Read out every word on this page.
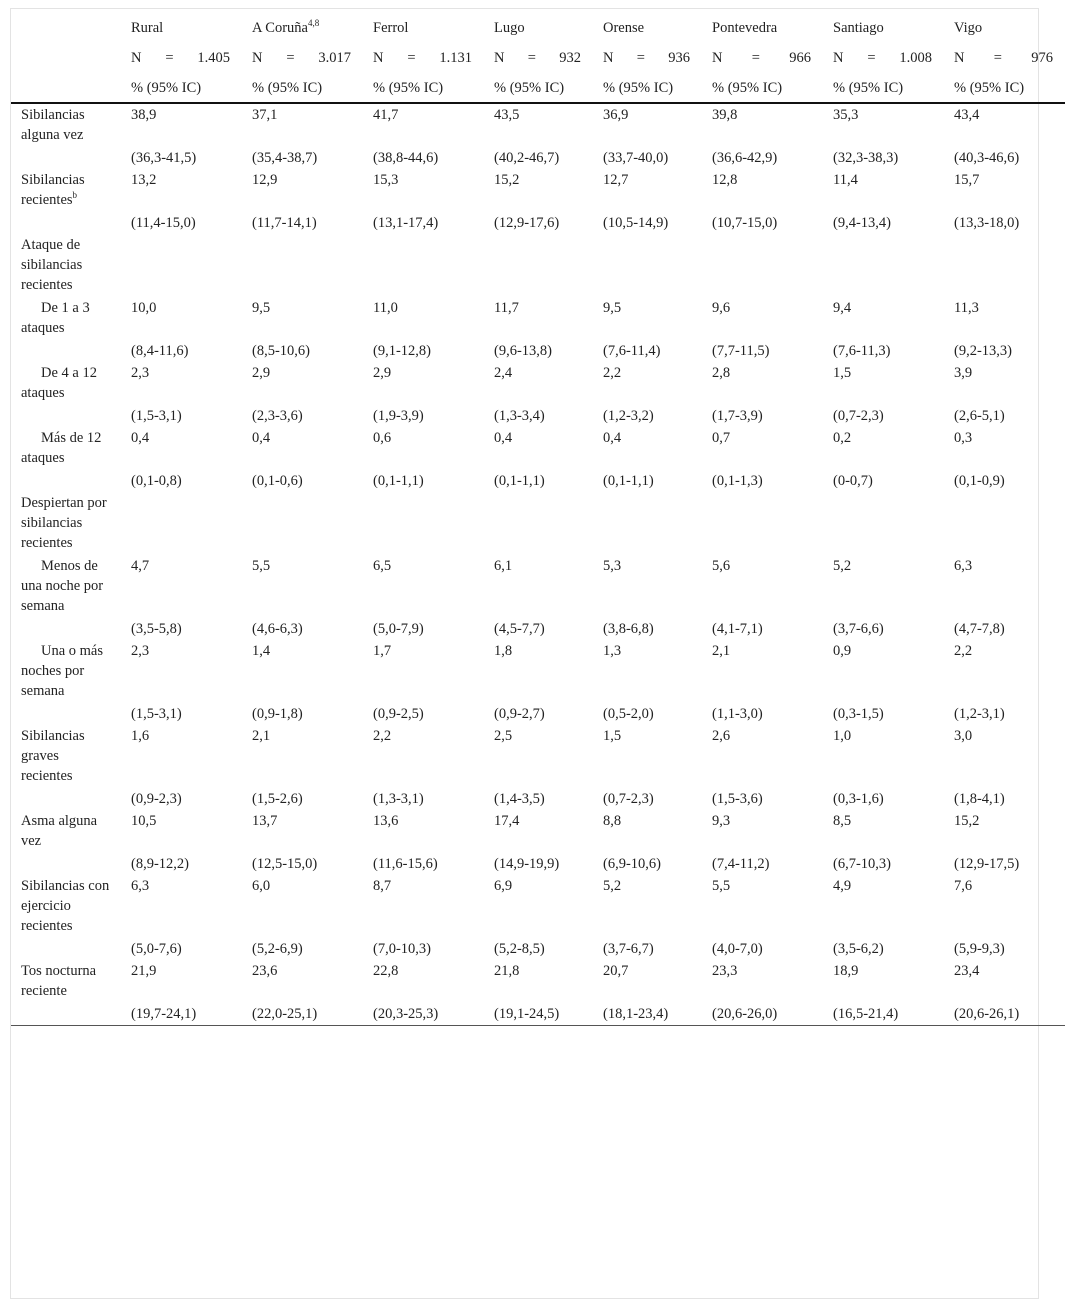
	Rural	A Coruña$^{4,8}$	Ferrol	Lugo	Orense	Pontevedra	Santiago	Vigo

	N = 1.405	N = 3.017	N = 1.131	N = 932	N = 936	N = 966	N = 1.008	N = 976

	% (95% IC)	% (95% IC)	% (95% IC)	% (95% IC)	% (95% IC)	% (95% IC)	% (95% IC)	% (95% IC)
Sibilancias alguna vez	38,9	37,1	41,7	43,5	36,9	39,8	35,3	43,4
	(36,3-41,5)	(35,4-38,7)	(38,8-44,6)	(40,2-46,7)	(33,7-40,0)	(36,6-42,9)	(32,3-38,3)	(40,3-46,6)
Sibilancias recientes$^b$	13,2	12,9	15,3	15,2	12,7	12,8	11,4	15,7
	(11,4-15,0)	(11,7-14,1)	(13,1-17,4)	(12,9-17,6)	(10,5-14,9)	(10,7-15,0)	(9,4-13,4)	(13,3-18,0)
Ataque de sibilancias recientes								

De 1 a 3 ataques	10,0	9,5	11,0	11,7	9,5	9,6	9,4	11,3
	(8,4-11,6)	(8,5-10,6)	(9,1-12,8)	(9,6-13,8)	(7,6-11,4)	(7,7-11,5)	(7,6-11,3)	(9,2-13,3)

De 4 a 12 ataques	2,3	2,9	2,9	2,4	2,2	2,8	1,5	3,9
	(1,5-3,1)	(2,3-3,6)	(1,9-3,9)	(1,3-3,4)	(1,2-3,2)	(1,7-3,9)	(0,7-2,3)	(2,6-5,1)

Más de 12 ataques	0,4	0,4	0,6	0,4	0,4	0,7	0,2	0,3
	(0,1-0,8)	(0,1-0,6)	(0,1-1,1)	(0,1-1,1)	(0,1-1,1)	(0,1-1,3)	(0-0,7)	(0,1-0,9)
Despiertan por sibilancias recientes								

Menos de una noche por semana	4,7	5,5	6,5	6,1	5,3	5,6	5,2	6,3
	(3,5-5,8)	(4,6-6,3)	(5,0-7,9)	(4,5-7,7)	(3,8-6,8)	(4,1-7,1)	(3,7-6,6)	(4,7-7,8)

Una o más noches por semana	2,3	1,4	1,7	1,8	1,3	2,1	0,9	2,2
	(1,5-3,1)	(0,9-1,8)	(0,9-2,5)	(0,9-2,7)	(0,5-2,0)	(1,1-3,0)	(0,3-1,5)	(1,2-3,1)
Sibilancias graves recientes	1,6	2,1	2,2	2,5	1,5	2,6	1,0	3,0
	(0,9-2,3)	(1,5-2,6)	(1,3-3,1)	(1,4-3,5)	(0,7-2,3)	(1,5-3,6)	(0,3-1,6)	(1,8-4,1)
Asma alguna vez	10,5	13,7	13,6	17,4	8,8	9,3	8,5	15,2
	(8,9-12,2)	(12,5-15,0)	(11,6-15,6)	(14,9-19,9)	(6,9-10,6)	(7,4-11,2)	(6,7-10,3)	(12,9-17,5)
Sibilancias con ejercicio recientes	6,3	6,0	8,7	6,9	5,2	5,5	4,9	7,6
	(5,0-7,6)	(5,2-6,9)	(7,0-10,3)	(5,2-8,5)	(3,7-6,7)	(4,0-7,0)	(3,5-6,2)	(5,9-9,3)
Tos nocturna reciente	21,9	23,6	22,8	21,8	20,7	23,3	18,9	23,4
	(19,7-24,1)	(22,0-25,1)	(20,3-25,3)	(19,1-24,5)	(18,1-23,4)	(20,6-26,0)	(16,5-21,4)	(20,6-26,1)
